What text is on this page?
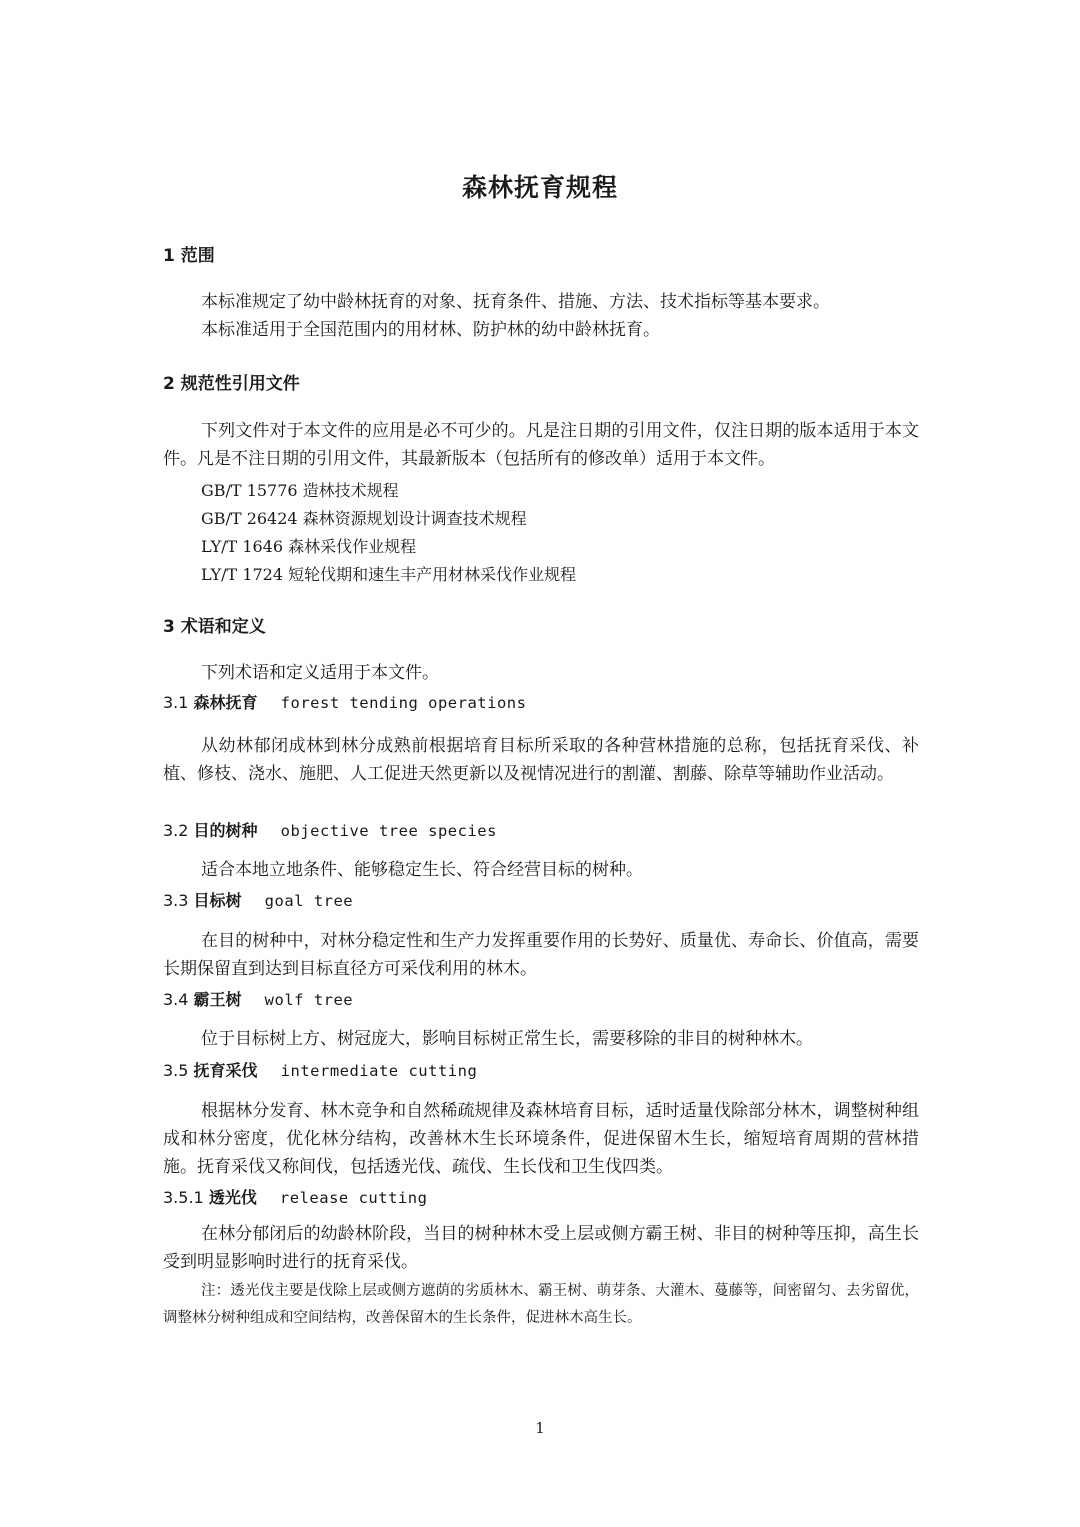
森林抚育规程
1 范围
本标准规定了幼中龄林抚育的对象、抚育条件、措施、方法、技术指标等基本要求。
本标准适用于全国范围内的用材林、防护林的幼中龄林抚育。
2 规范性引用文件
下列文件对于本文件的应用是必不可少的。凡是注日期的引用文件，仅注日期的版本适用于本文件。凡是不注日期的引用文件，其最新版本（包括所有的修改单）适用于本文件。
GB/T 15776 造林技术规程
GB/T 26424 森林资源规划设计调查技术规程
LY/T 1646 森林采伐作业规程
LY/T 1724 短轮伐期和速生丰产用材林采伐作业规程
3 术语和定义
下列术语和定义适用于本文件。
3.1 森林抚育 forest tending operations
从幼林郁闭成林到林分成熟前根据培育目标所采取的各种营林措施的总称，包括抚育采伐、补植、修枝、浇水、施肥、人工促进天然更新以及视情况进行的割灌、割藤、除草等辅助作业活动。
3.2 目的树种 objective tree species
适合本地立地条件、能够稳定生长、符合经营目标的树种。
3.3 目标树 goal tree
在目的树种中，对林分稳定性和生产力发挥重要作用的长势好、质量优、寿命长、价值高，需要长期保留直到达到目标直径方可采伐利用的林木。
3.4 霸王树 wolf tree
位于目标树上方、树冠庞大，影响目标树正常生长，需要移除的非目的树种林木。
3.5 抚育采伐 intermediate cutting
根据林分发育、林木竞争和自然稀疏规律及森林培育目标，适时适量伐除部分林木，调整树种组成和林分密度，优化林分结构，改善林木生长环境条件，促进保留木生长，缩短培育周期的营林措施。抚育采伐又称间伐，包括透光伐、疏伐、生长伐和卫生伐四类。
3.5.1 透光伐 release cutting
在林分郁闭后的幼龄林阶段，当目的树种林木受上层或侧方霸王树、非目的树种等压抑，高生长受到明显影响时进行的抚育采伐。
注：透光伐主要是伐除上层或侧方遮荫的劣质林木、霸王树、萌芽条、大灌木、蔓藤等，间密留匀、去劣留优，调整林分树种组成和空间结构，改善保留木的生长条件，促进林木高生长。
1
